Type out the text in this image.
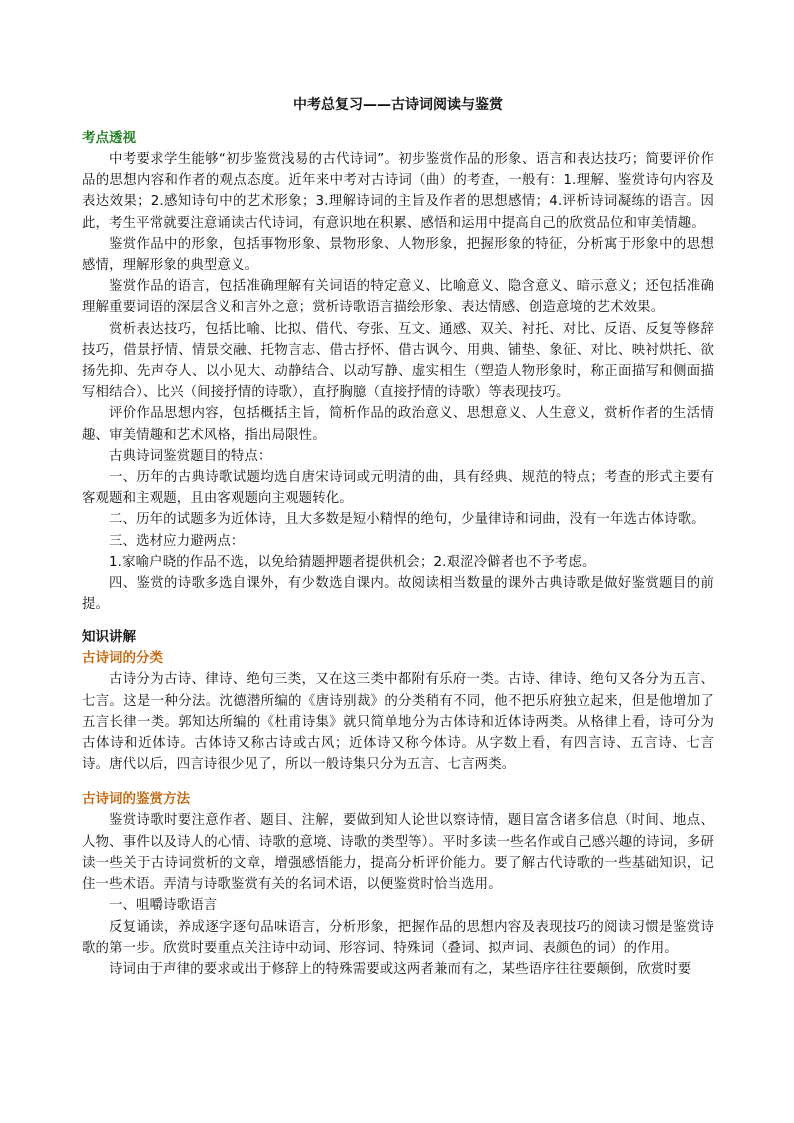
中考总复习——古诗词阅读与鉴赏
考点透视

中考要求学生能够“初步鉴赏浅易的古代诗词”。初步鉴赏作品的形象、语言和表达技巧；简要评价作品的思想内容和作者的观点态度。近年来中考对古诗词（曲）的考查，一般有：1.理解、鉴赏诗句内容及表达效果；2.感知诗句中的艺术形象；3.理解诗词的主旨及作者的思想感情；4.评析诗词凝练的语言。因此，考生平常就要注意诵读古代诗词，有意识地在积累、感悟和运用中提高自己的欣赏品位和审美情趣。

鉴赏作品中的形象，包括事物形象、景物形象、人物形象，把握形象的特征，分析寓于形象中的思想感情，理解形象的典型意义。

鉴赏作品的语言，包括准确理解有关词语的特定意义、比喻意义、隐含意义、暗示意义；还包括准确理解重要词语的深层含义和言外之意；赏析诗歌语言描绘形象、表达情感、创造意境的艺术效果。

赏析表达技巧，包括比喻、比拟、借代、夸张、互文、通感、双关、衬托、对比、反语、反复等修辞技巧，借景抒情、情景交融、托物言志、借古抒怀、借古讽今、用典、铺垫、象征、对比、映衬烘托、欲扬先抑、先声夺人、以小见大、动静结合、以动写静、虚实相生（塑造人物形象时，称正面描写和侧面描写相结合）、比兴（间接抒情的诗歌），直抒胸臆（直接抒情的诗歌）等表现技巧。

评价作品思想内容，包括概括主旨，简析作品的政治意义、思想意义、人生意义，赏析作者的生活情趣、审美情趣和艺术风格，指出局限性。

古典诗词鉴赏题目的特点：

一、历年的古典诗歌试题均选自唐宋诗词或元明清的曲，具有经典、规范的特点；考查的形式主要有客观题和主观题，且由客观题向主观题转化。

二、历年的试题多为近体诗，且大多数是短小精悍的绝句，少量律诗和词曲，没有一年选古体诗歌。

三、选材应力避两点：

1.家喻户晓的作品不选，以免给猜题押题者提供机会；2.艰涩冷僻者也不予考虑。

四、鉴赏的诗歌多选自课外，有少数选自课内。故阅读相当数量的课外古典诗歌是做好鉴赏题目的前提。

知识讲解
古诗词的分类

古诗分为古诗、律诗、绝句三类，又在这三类中都附有乐府一类。古诗、律诗、绝句又各分为五言、七言。这是一种分法。沈德潜所编的《唐诗别裁》的分类稍有不同，他不把乐府独立起来，但是他增加了五言长律一类。郭知达所编的《杜甫诗集》就只简单地分为古体诗和近体诗两类。从格律上看，诗可分为古体诗和近体诗。古体诗又称古诗或古风；近体诗又称今体诗。从字数上看，有四言诗、五言诗、七言诗。唐代以后，四言诗很少见了，所以一般诗集只分为五言、七言两类。

古诗词的鉴赏方法

鉴赏诗歌时要注意作者、题目、注解，要做到知人论世以察诗情，题目富含诸多信息（时间、地点、人物、事件以及诗人的心情、诗歌的意境、诗歌的类型等）。平时多读一些名作或自己感兴趣的诗词，多研读一些关于古诗词赏析的文章，增强感悟能力，提高分析评价能力。要了解古代诗歌的一些基础知识，记住一些术语。弄清与诗歌鉴赏有关的名词术语，以便鉴赏时恰当选用。

一、咀嚼诗歌语言

反复诵读，养成逐字逐句品味语言，分析形象，把握作品的思想内容及表现技巧的阅读习惯是鉴赏诗歌的第一步。欣赏时要重点关注诗中动词、形容词、特殊词（叠词、拟声词、表颜色的词）的作用。

诗词由于声律的要求或出于修辞上的特殊需要或这两者兼而有之，某些语序往往要颠倒，欣赏时要
